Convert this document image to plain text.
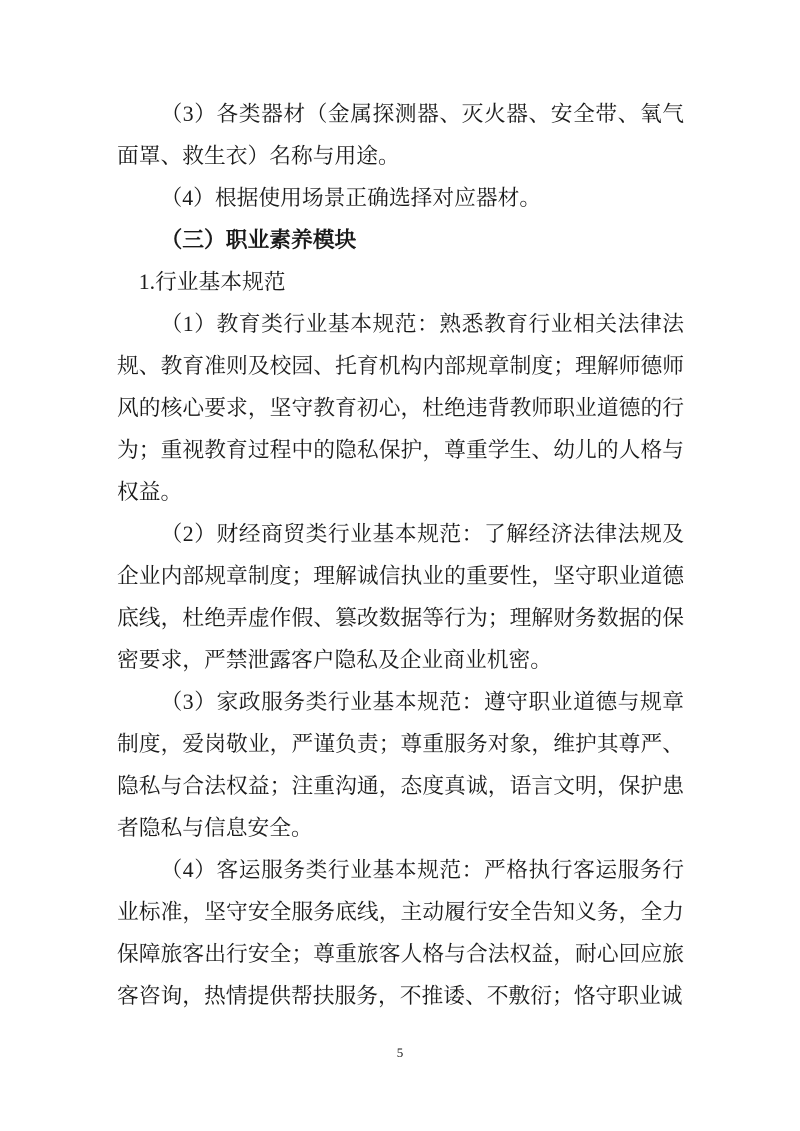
（3）各类器材（金属探测器、灭火器、安全带、氧气面罩、救生衣）名称与用途。

（4）根据使用场景正确选择对应器材。

（三）职业素养模块

1.行业基本规范

（1）教育类行业基本规范：熟悉教育行业相关法律法规、教育准则及校园、托育机构内部规章制度；理解师德师风的核心要求，坚守教育初心，杜绝违背教师职业道德的行为；重视教育过程中的隐私保护，尊重学生、幼儿的人格与权益。

（2）财经商贸类行业基本规范：了解经济法律法规及企业内部规章制度；理解诚信执业的重要性，坚守职业道德底线，杜绝弄虚作假、篡改数据等行为；理解财务数据的保密要求，严禁泄露客户隐私及企业商业机密。

（3）家政服务类行业基本规范：遵守职业道德与规章制度，爱岗敬业，严谨负责；尊重服务对象，维护其尊严、隐私与合法权益；注重沟通，态度真诚，语言文明，保护患者隐私与信息安全。

（4）客运服务类行业基本规范：严格执行客运服务行业标准，坚守安全服务底线，主动履行安全告知义务，全力保障旅客出行安全；尊重旅客人格与合法权益，耐心回应旅客咨询，热情提供帮扶服务，不推诿、不敷衍；恪守职业诚

5
